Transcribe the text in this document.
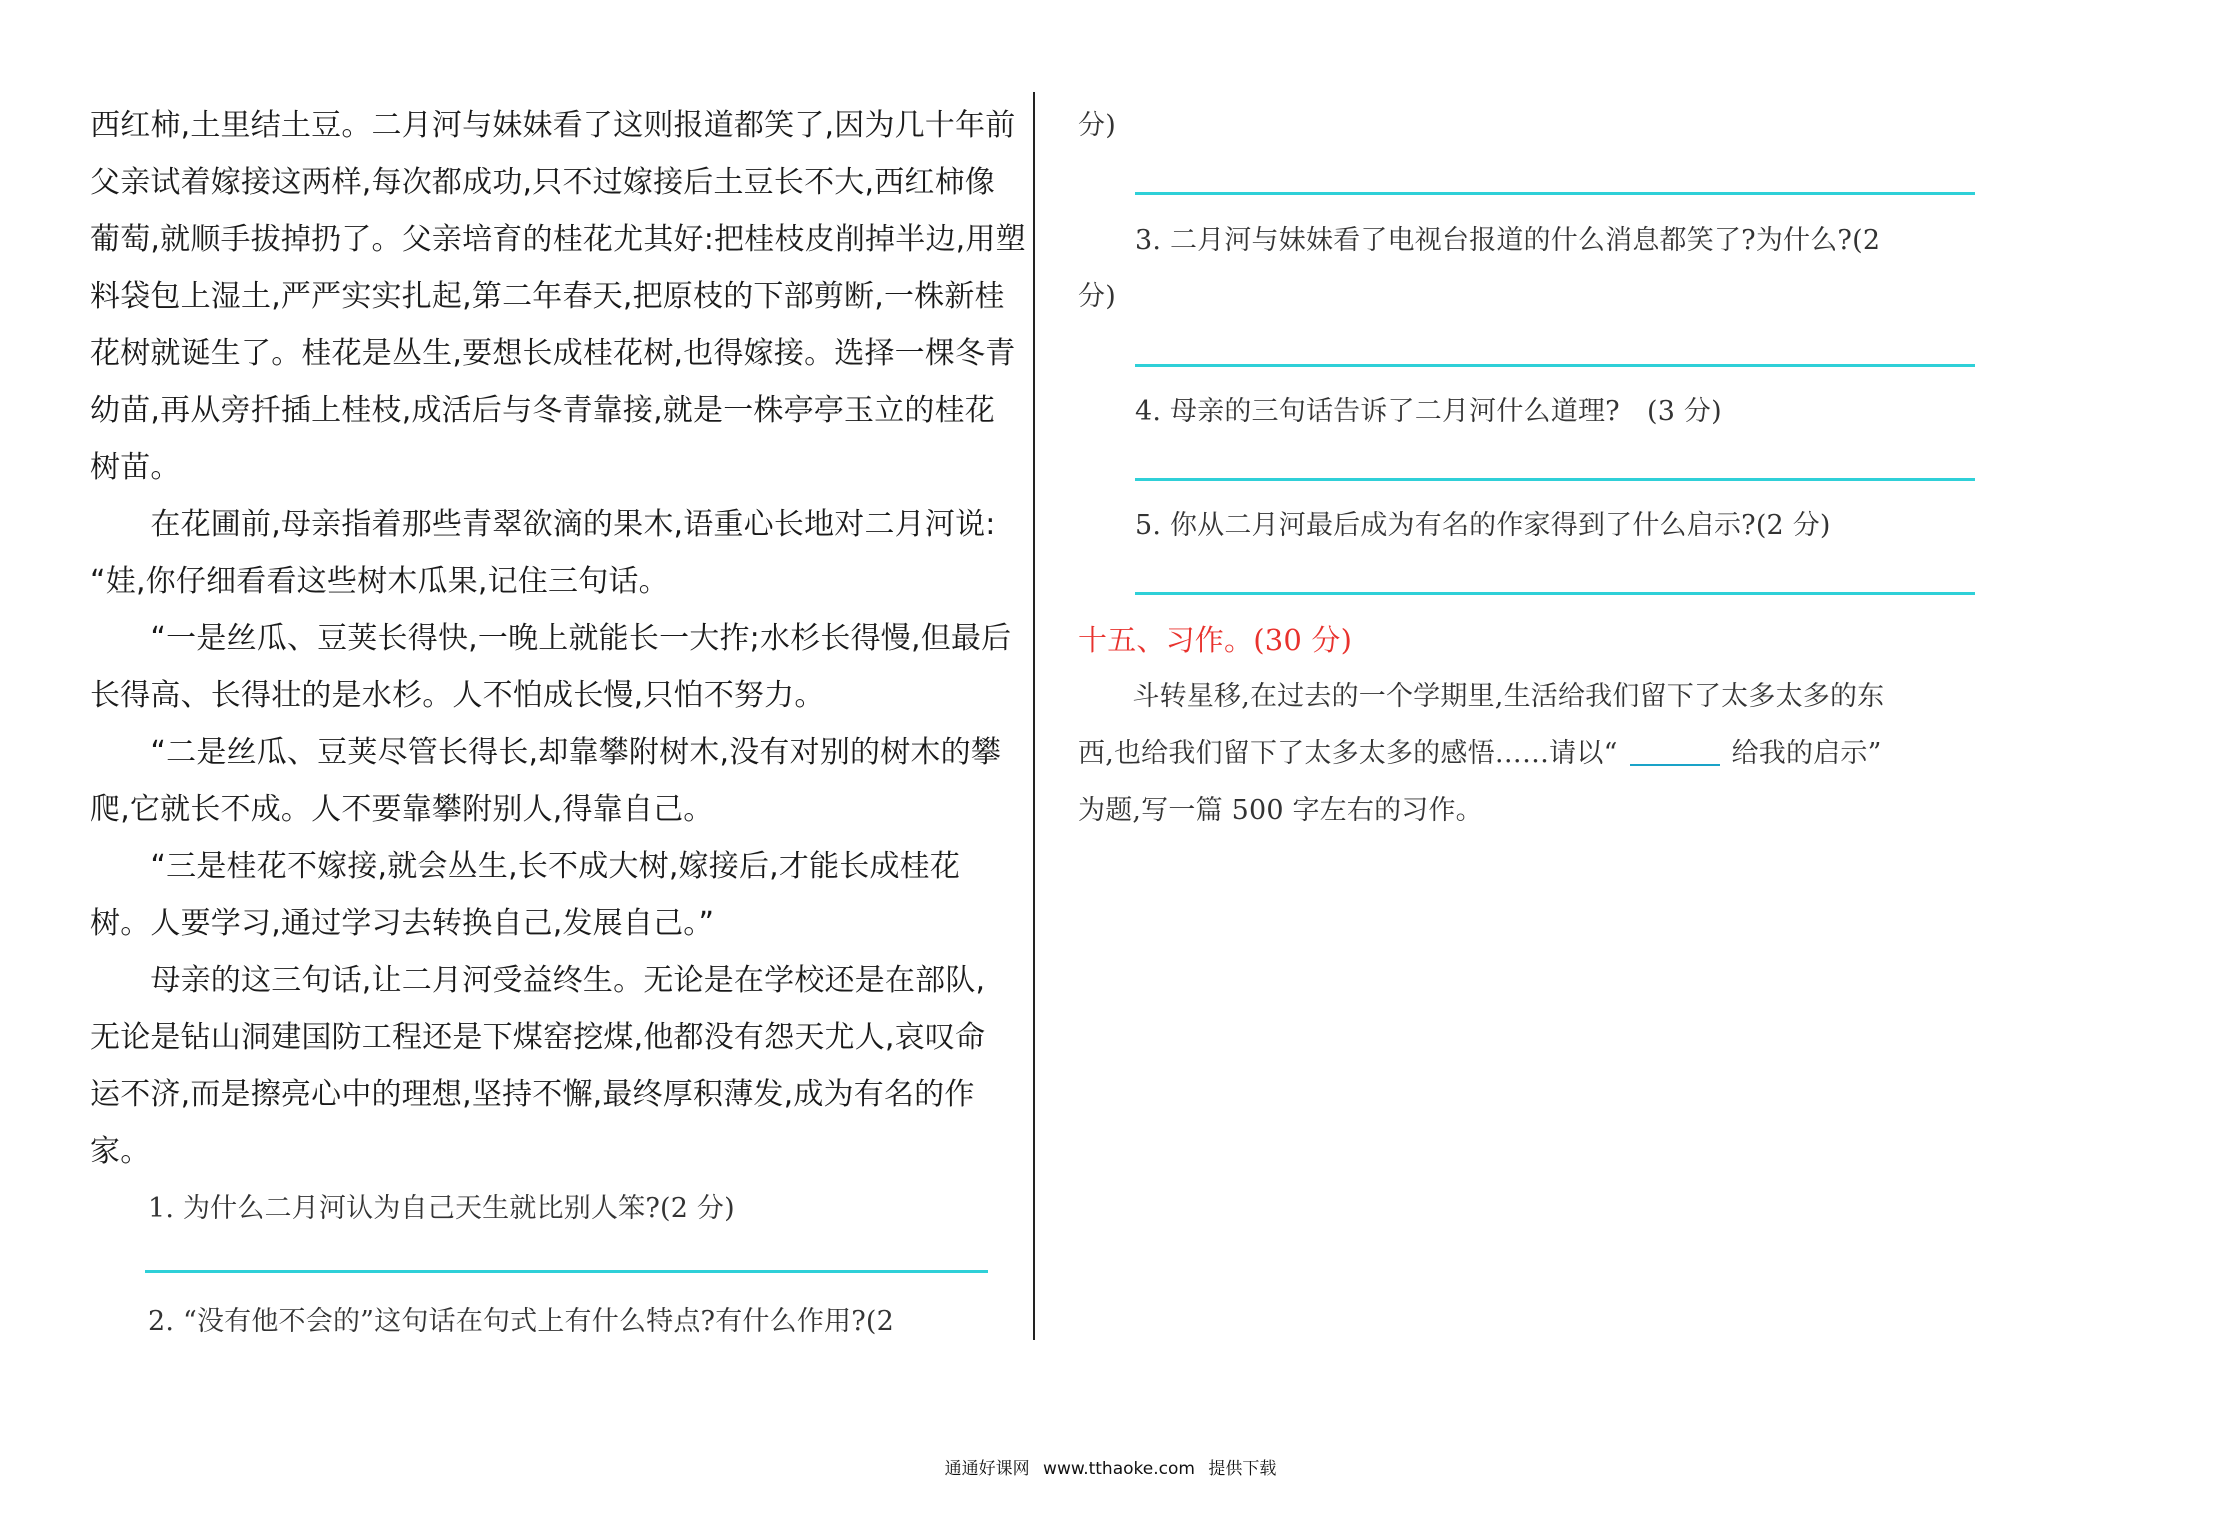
西红柿,土里结土豆。二月河与妹妹看了这则报道都笑了,因为几十年前
父亲试着嫁接这两样,每次都成功,只不过嫁接后土豆长不大,西红柿像
葡萄,就顺手拔掉扔了。父亲培育的桂花尤其好:把桂枝皮削掉半边,用塑
料袋包上湿土,严严实实扎起,第二年春天,把原枝的下部剪断,一株新桂
花树就诞生了。桂花是丛生,要想长成桂花树,也得嫁接。选择一棵冬青
幼苗,再从旁扦插上桂枝,成活后与冬青靠接,就是一株亭亭玉立的桂花
树苗。
　　在花圃前,母亲指着那些青翠欲滴的果木,语重心长地对二月河说:
“娃,你仔细看看这些树木瓜果,记住三句话。
　　“一是丝瓜、豆荚长得快,一晚上就能长一大拃;水杉长得慢,但最后
长得高、长得壮的是水杉。人不怕成长慢,只怕不努力。
　　“二是丝瓜、豆荚尽管长得长,却靠攀附树木,没有对别的树木的攀
爬,它就长不成。人不要靠攀附别人,得靠自己。
　　“三是桂花不嫁接,就会丛生,长不成大树,嫁接后,才能长成桂花
树。人要学习,通过学习去转换自己,发展自己。”
　　母亲的这三句话,让二月河受益终生。无论是在学校还是在部队,
无论是钻山洞建国防工程还是下煤窑挖煤,他都没有怨天尤人,哀叹命
运不济,而是擦亮心中的理想,坚持不懈,最终厚积薄发,成为有名的作
家。
1. 为什么二月河认为自己天生就比别人笨?(2 分)
2. “没有他不会的”这句话在句式上有什么特点?有什么作用?(2
分)
3. 二月河与妹妹看了电视台报道的什么消息都笑了?为什么?(2
分)
4. 母亲的三句话告诉了二月河什么道理?　(3 分)
5. 你从二月河最后成为有名的作家得到了什么启示?(2 分)
十五、习作。(30 分)
　　斗转星移,在过去的一个学期里,生活给我们留下了太多太多的东
西,也给我们留下了太多太多的感悟……请以“	给我的启示”
为题,写一篇 500 字左右的习作。
通通好课网 www.tthaoke.com 提供下载
